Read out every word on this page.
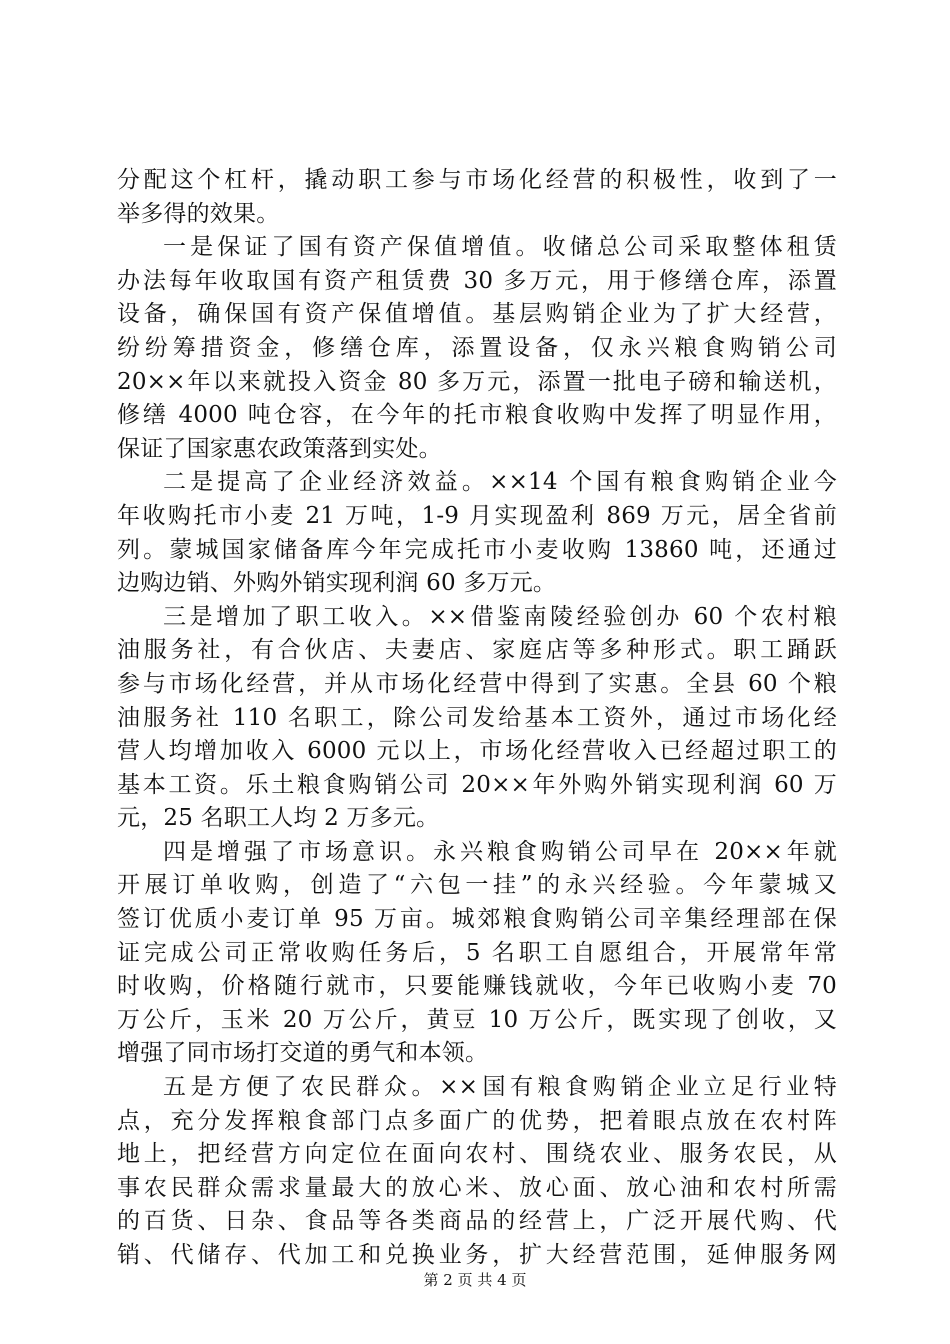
分配这个杠杆，撬动职工参与市场化经营的积极性，收到了一
举多得的效果。
一是保证了国有资产保值增值。收储总公司采取整体租赁
办法每年收取国有资产租赁费 30 多万元，用于修缮仓库，添置
设备，确保国有资产保值增值。基层购销企业为了扩大经营，
纷纷筹措资金，修缮仓库，添置设备，仅永兴粮食购销公司
20××年以来就投入资金 80 多万元，添置一批电子磅和输送机，
修缮 4000 吨仓容，在今年的托市粮食收购中发挥了明显作用，
保证了国家惠农政策落到实处。
二是提高了企业经济效益。××14 个国有粮食购销企业今
年收购托市小麦 21 万吨，1-9 月实现盈利 869 万元，居全省前
列。蒙城国家储备库今年完成托市小麦收购 13860 吨，还通过
边购边销、外购外销实现利润 60 多万元。
三是增加了职工收入。××借鉴南陵经验创办 60 个农村粮
油服务社，有合伙店、夫妻店、家庭店等多种形式。职工踊跃
参与市场化经营，并从市场化经营中得到了实惠。全县 60 个粮
油服务社 110 名职工，除公司发给基本工资外，通过市场化经
营人均增加收入 6000 元以上，市场化经营收入已经超过职工的
基本工资。乐土粮食购销公司 20××年外购外销实现利润 60 万
元，25 名职工人均 2 万多元。
四是增强了市场意识。永兴粮食购销公司早在 20××年就
开展订单收购，创造了“六包一挂”的永兴经验。今年蒙城又
签订优质小麦订单 95 万亩。城郊粮食购销公司辛集经理部在保
证完成公司正常收购任务后，5 名职工自愿组合，开展常年常
时收购，价格随行就市，只要能赚钱就收，今年已收购小麦 70
万公斤，玉米 20 万公斤，黄豆 10 万公斤，既实现了创收，又
增强了同市场打交道的勇气和本领。
五是方便了农民群众。××国有粮食购销企业立足行业特
点，充分发挥粮食部门点多面广的优势，把着眼点放在农村阵
地上，把经营方向定位在面向农村、围绕农业、服务农民，从
事农民群众需求量最大的放心米、放心面、放心油和农村所需
的百货、日杂、食品等各类商品的经营上，广泛开展代购、代
销、代储存、代加工和兑换业务，扩大经营范围，延伸服务网
第 2 页 共 4 页
